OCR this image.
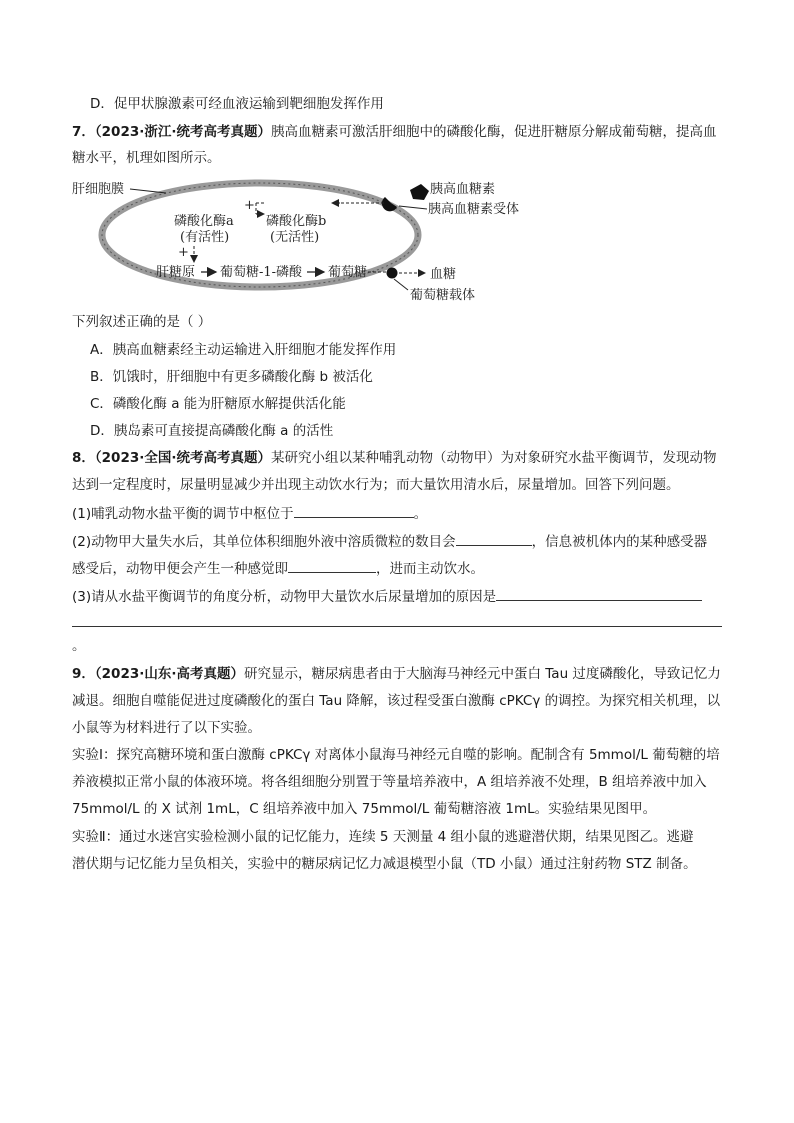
D．促甲状腺激素可经血液运输到靶细胞发挥作用
7．（2023·浙江·统考高考真题）胰高血糖素可激活肝细胞中的磷酸化酶，促进肝糖原分解成葡萄糖，提高血
糖水平，机理如图所示。
肝细胞膜	胰高血糖素
胰高血糖素受体
+
磷酸化酶a
(有活性)
磷酸化酶b
(无活性)
+
肝糖原 葡萄糖-1-磷酸 葡萄糖	血糖
葡萄糖载体
下列叙述正确的是（ ）
A．胰高血糖素经主动运输进入肝细胞才能发挥作用
B．饥饿时，肝细胞中有更多磷酸化酶 b 被活化
C．磷酸化酶 a 能为肝糖原水解提供活化能
D．胰岛素可直接提高磷酸化酶 a 的活性
8．（2023·全国·统考高考真题）某研究小组以某种哺乳动物（动物甲）为对象研究水盐平衡调节，发现动物
达到一定程度时，尿量明显减少并出现主动饮水行为；而大量饮用清水后，尿量增加。回答下列问题。
(1)哺乳动物水盐平衡的调节中枢位于	。
(2)动物甲大量失水后，其单位体积细胞外液中溶质微粒的数目会	，信息被机体内的某种感受器
感受后，动物甲便会产生一种感觉即	，进而主动饮水。
(3)请从水盐平衡调节的角度分析，动物甲大量饮水后尿量增加的原因是
。
9．（2023·山东·高考真题）研究显示，糖尿病患者由于大脑海马神经元中蛋白 Tau 过度磷酸化，导致记忆力
减退。细胞自噬能促进过度磷酸化的蛋白 Tau 降解，该过程受蛋白激酶 cPKCγ 的调控。为探究相关机理，以
小鼠等为材料进行了以下实验。
实验Ⅰ：探究高糖环境和蛋白激酶 cPKCγ 对离体小鼠海马神经元自噬的影响。配制含有 5mmol/L 葡萄糖的培
养液模拟正常小鼠的体液环境。将各组细胞分别置于等量培养液中，A 组培养液不处理，B 组培养液中加入
75mmol/L 的 X 试剂 1mL，C 组培养液中加入 75mmol/L 葡萄糖溶液 1mL。实验结果见图甲。
实验Ⅱ：通过水迷宫实验检测小鼠的记忆能力，连续 5 天测量 4 组小鼠的逃避潜伏期，结果见图乙。逃避
潜伏期与记忆能力呈负相关，实验中的糖尿病记忆力减退模型小鼠（TD 小鼠）通过注射药物 STZ 制备。
